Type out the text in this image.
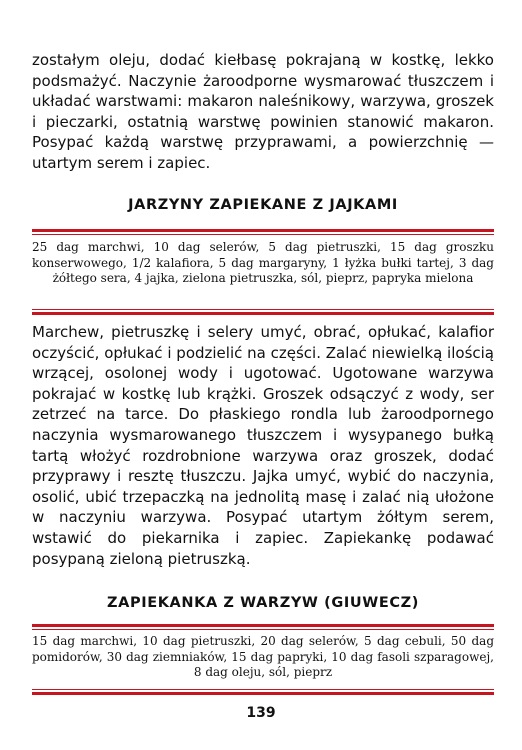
zostałym oleju, dodać kiełbasę pokrajaną w kostkę, lekko podsmażyć. Naczynie żaroodporne wysmarować tłuszczem i układać warstwami: makaron naleśnikowy, warzywa, groszek i pieczarki, ostatnią warstwę powinien stanowić makaron. Posypać każdą warstwę przyprawami, a powierzchnię — utartym serem i zapiec.

JARZYNY ZAPIEKANE Z JAJKAMI

25 dag marchwi, 10 dag selerów, 5 dag pietruszki, 15 dag groszku konserwowego, 1/2 kalafiora, 5 dag margaryny, 1 łyżka bułki tartej, 3 dag żółtego sera, 4 jajka, zielona pietruszka, sól, pieprz, papryka mielona

Marchew, pietruszkę i selery umyć, obrać, opłukać, kalafior oczyścić, opłukać i podzielić na części. Zalać niewielką ilością wrzącej, osolonej wody i ugotować. Ugotowane warzywa pokrajać w kostkę lub krążki. Groszek odsączyć z wody, ser zetrzeć na tarce. Do płaskiego rondla lub żaroodpornego naczynia wysmarowanego tłuszczem i wysypanego bułką tartą włożyć rozdrobnione warzywa oraz groszek, dodać przyprawy i resztę tłuszczu. Jajka umyć, wybić do naczynia, osolić, ubić trzepaczką na jednolitą masę i zalać nią ułożone w naczyniu warzywa. Posypać utartym żółtym serem, wstawić do piekarnika i zapiec. Zapiekankę podawać posypaną zieloną pietruszką.

ZAPIEKANKA Z WARZYW (GIUWECZ)

15 dag marchwi, 10 dag pietruszki, 20 dag selerów, 5 dag cebuli, 50 dag pomidorów, 30 dag ziemniaków, 15 dag papryki, 10 dag fasoli szparagowej, 8 dag oleju, sól, pieprz

139
